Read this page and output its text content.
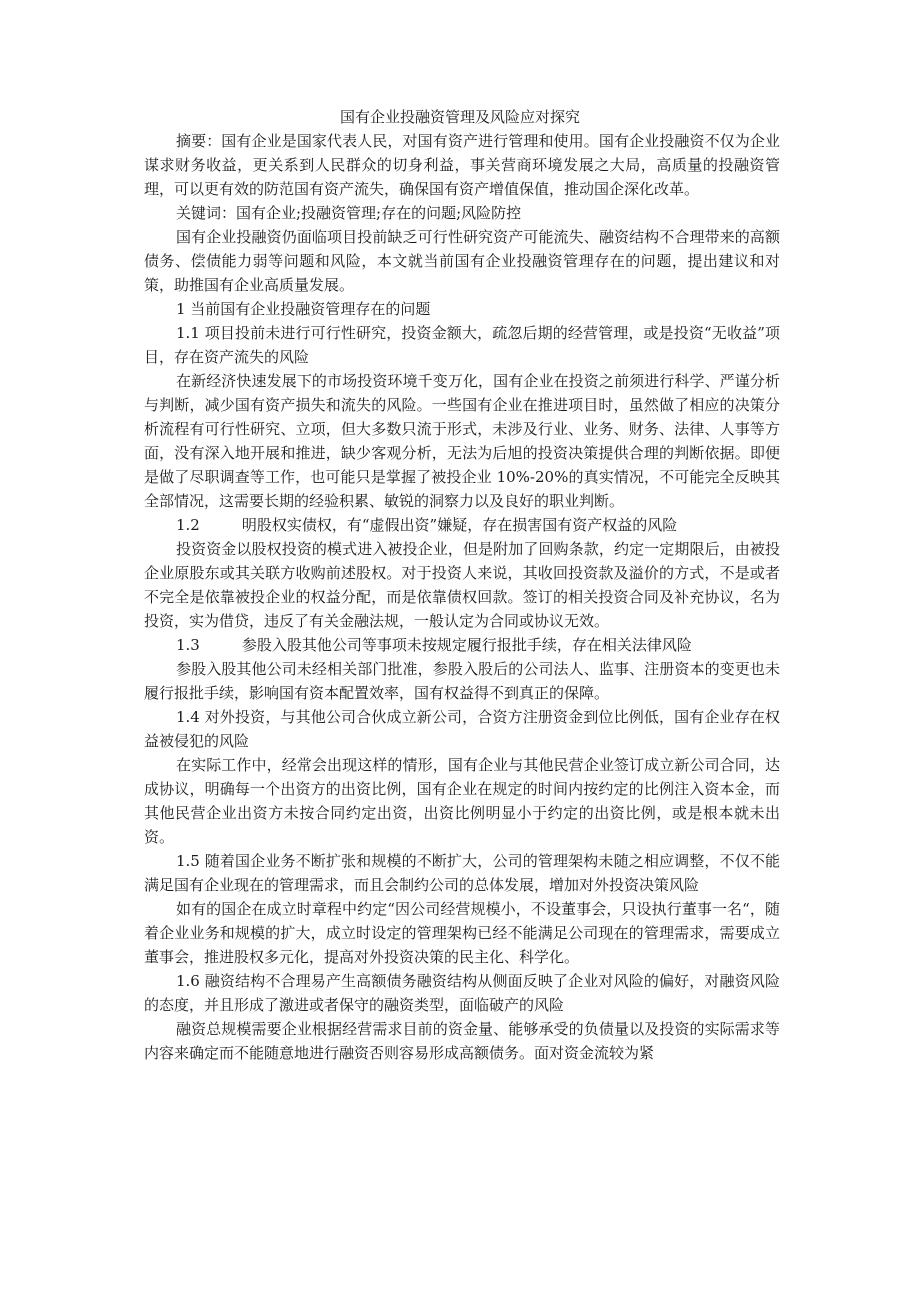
国有企业投融资管理及风险应对探究

摘要：国有企业是国家代表人民，对国有资产进行管理和使用。国有企业投融资不仅为企业谋求财务收益，更关系到人民群众的切身利益，事关营商环境发展之大局，高质量的投融资管理，可以更有效的防范国有资产流失，确保国有资产增值保值，推动国企深化改革。

关键词：国有企业;投融资管理;存在的问题;风险防控

国有企业投融资仍面临项目投前缺乏可行性研究资产可能流失、融资结构不合理带来的高额债务、偿债能力弱等问题和风险，本文就当前国有企业投融资管理存在的问题，提出建议和对策，助推国有企业高质量发展。

1 当前国有企业投融资管理存在的问题

1.1 项目投前未进行可行性研究，投资金额大，疏忽后期的经营管理，或是投资“无收益”项目，存在资产流失的风险

在新经济快速发展下的市场投资环境千变万化，国有企业在投资之前须进行科学、严谨分析与判断，减少国有资产损失和流失的风险。一些国有企业在推进项目时，虽然做了相应的决策分析流程有可行性研究、立项，但大多数只流于形式，未涉及行业、业务、财务、法律、人事等方面，没有深入地开展和推进，缺少客观分析，无法为后旭的投资决策提供合理的判断依据。即便是做了尽职调查等工作，也可能只是掌握了被投企业 10%-20%的真实情况，不可能完全反映其全部情况，这需要长期的经验积累、敏锐的洞察力以及良好的职业判断。

1.2	明股权实债权，有“虚假出资”嫌疑，存在损害国有资产权益的风险

投资资金以股权投资的模式进入被投企业，但是附加了回购条款，约定一定期限后，由被投企业原股东或其关联方收购前述股权。对于投资人来说，其收回投资款及溢价的方式，不是或者不完全是依靠被投企业的权益分配，而是依靠债权回款。签订的相关投资合同及补充协议，名为投资，实为借贷，违反了有关金融法规，一般认定为合同或协议无效。

1.3	参股入股其他公司等事项未按规定履行报批手续，存在相关法律风险

参股入股其他公司未经相关部门批准，参股入股后的公司法人、监事、注册资本的变更也未履行报批手续，影响国有资本配置效率，国有权益得不到真正的保障。

1.4 对外投资，与其他公司合伙成立新公司，合资方注册资金到位比例低，国有企业存在权益被侵犯的风险

在实际工作中，经常会出现这样的情形，国有企业与其他民营企业签订成立新公司合同，达成协议，明确每一个出资方的出资比例，国有企业在规定的时间内按约定的比例注入资本金，而其他民营企业出资方未按合同约定出资，出资比例明显小于约定的出资比例，或是根本就未出资。

1.5 随着国企业务不断扩张和规模的不断扩大，公司的管理架构未随之相应调整，不仅不能满足国有企业现在的管理需求，而且会制约公司的总体发展，增加对外投资决策风险

如有的国企在成立时章程中约定“因公司经营规模小，不设董事会，只设执行董事一名“，随着企业业务和规模的扩大，成立时设定的管理架构已经不能满足公司现在的管理需求，需要成立董事会，推进股权多元化，提高对外投资决策的民主化、科学化。

1.6 融资结构不合理易产生高额债务融资结构从侧面反映了企业对风险的偏好，对融资风险的态度，并且形成了激进或者保守的融资类型，面临破产的风险

融资总规模需要企业根据经营需求目前的资金量、能够承受的负债量以及投资的实际需求等内容来确定而不能随意地进行融资否则容易形成高额债务。面对资金流较为紧
